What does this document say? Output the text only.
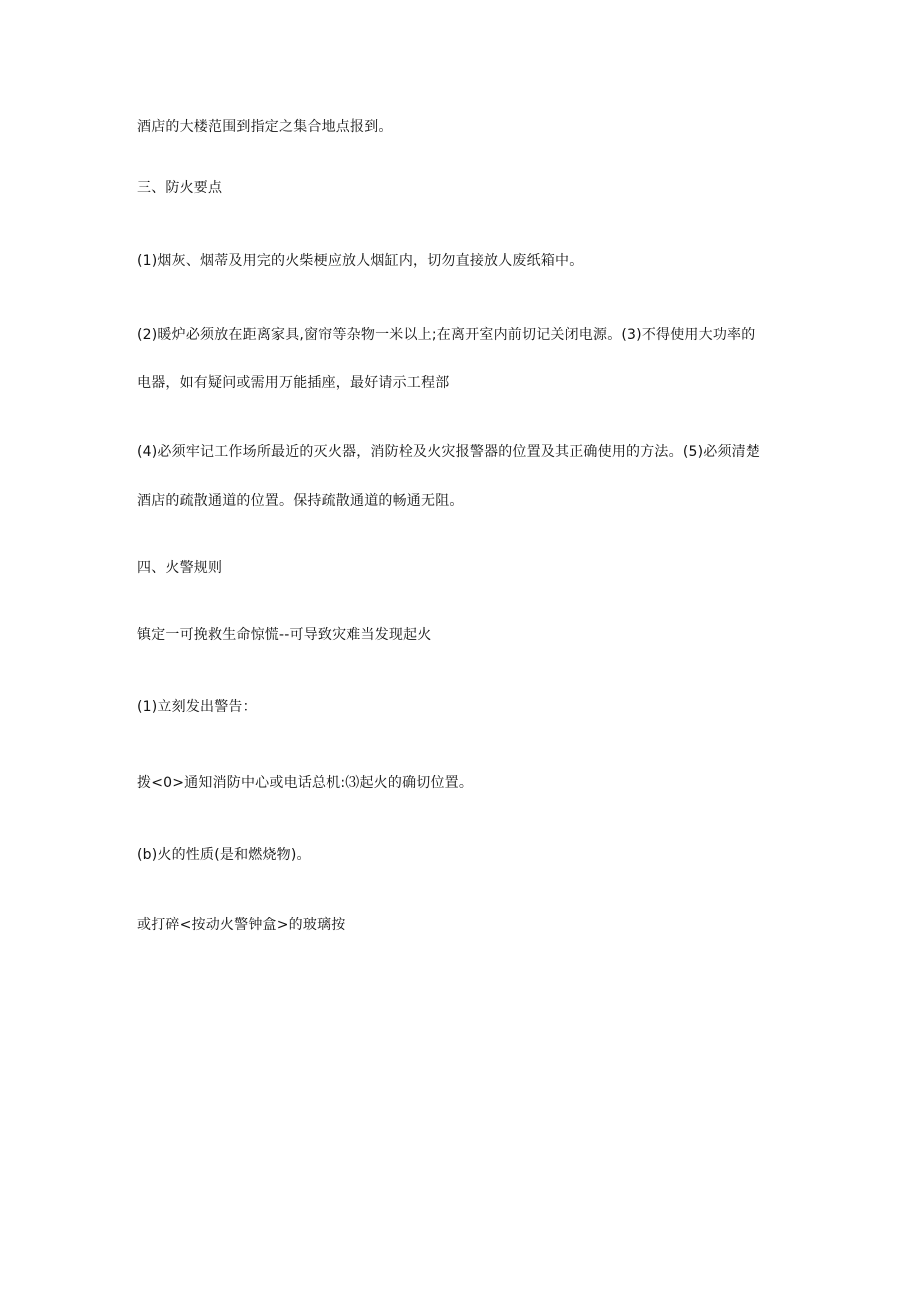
酒店的大楼范围到指定之集合地点报到。
三、防火要点
(1)烟灰、烟蒂及用完的火柴梗应放人烟缸内，切勿直接放人废纸箱中。
(2)暖炉必须放在距离家具,窗帘等杂物一米以上;在离开室内前切记关闭电源。(3)不得使用大功率的
电器，如有疑问或需用万能插座，最好请示工程部
(4)必须牢记工作场所最近的灭火器，消防栓及火灾报警器的位置及其正确使用的方法。(5)必须清楚
酒店的疏散通道的位置。保持疏散通道的畅通无阻。
四、火警规则
镇定一可挽救生命惊慌--可导致灾难当发现起火
(1)立刻发出警告：
拨<0>通知消防中心或电话总机:⑶起火的确切位置。
(b)火的性质(是和燃烧物)。
或打碎<按动火警钟盒>的玻璃按
